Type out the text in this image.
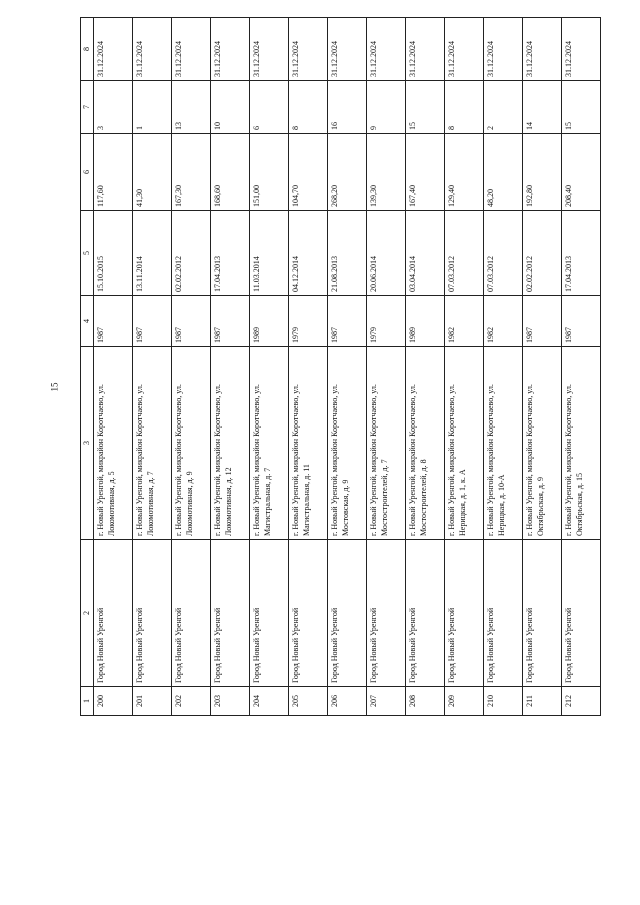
15
1	2	3	4	5	6	7	8
200	Город Новый Уренгой	г. Новый Уренгой, микрайон Коротчаево, ул. Локомотивная, д. 5	1987	15.10.2015	117,60	3	31.12.2024
201	Город Новый Уренгой	г. Новый Уренгой, микрайон Коротчаево, ул. Локомотивная, д. 7	1987	13.11.2014	41,30	1	31.12.2024
202	Город Новый Уренгой	г. Новый Уренгой, микрайон Коротчаево, ул. Локомотивная, д. 9	1987	02.02.2012	167,30	13	31.12.2024
203	Город Новый Уренгой	г. Новый Уренгой, микрайон Коротчаево, ул. Локомотивная, д. 12	1987	17.04.2013	168,60	10	31.12.2024
204	Город Новый Уренгой	г. Новый Уренгой, микрайон Коротчаево, ул. Магистральная, д. 7	1989	11.03.2014	151,00	6	31.12.2024
205	Город Новый Уренгой	г. Новый Уренгой, микрайон Коротчаево, ул. Магистральная, д. 11	1979	04.12.2014	104,70	8	31.12.2024
206	Город Новый Уренгой	г. Новый Уренгой, микрайон Коротчаево, ул. Мостовская, д. 9	1987	21.08.2013	268,20	16	31.12.2024
207	Город Новый Уренгой	г. Новый Уренгой, микрайон Коротчаево, ул. Мостостроителей, д. 7	1979	20.06.2014	139,30	9	31.12.2024
208	Город Новый Уренгой	г. Новый Уренгой, микрайон Коротчаево, ул. Мостостроителей, д. 8	1989	03.04.2014	167,40	15	31.12.2024
209	Город Новый Уренгой	г. Новый Уренгой, микрайон Коротчаево, ул. Нерицкая, д. 1, к. А	1982	07.03.2012	129,40	8	31.12.2024
210	Город Новый Уренгой	г. Новый Уренгой, микрайон Коротчаево, ул. Нерицкая, д. 10-А	1982	07.03.2012	48,20	2	31.12.2024
211	Город Новый Уренгой	г. Новый Уренгой, микрайон Коротчаево, ул. Октябрьская, д. 9	1987	02.02.2012	192,80	14	31.12.2024
212	Город Новый Уренгой	г. Новый Уренгой, микрайон Коротчаево, ул. Октябрьская, д. 15	1987	17.04.2013	208,40	15	31.12.2024
